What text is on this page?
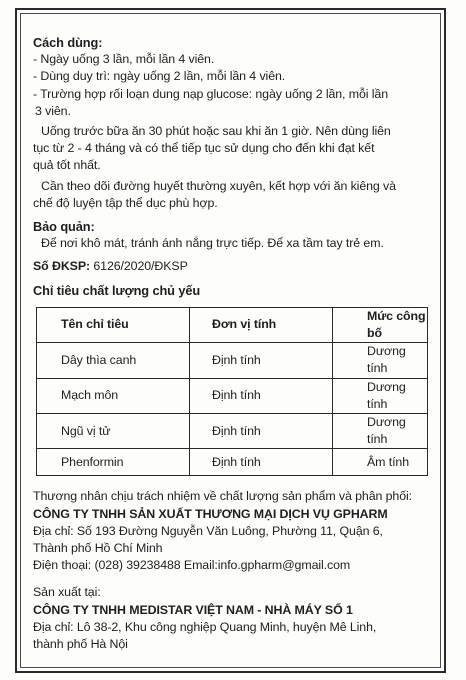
Cách dùng:

- Ngày uống 3 lần, mỗi lần 4 viên.

- Dùng duy trì: ngày uống 2 lần, mỗi lần 4 viên.

- Trường hợp rối loạn dung nạp glucose: ngày uống 2 lần, mỗi lần

3 viên.

Uống trước bữa ăn 30 phút hoặc sau khi ăn 1 giờ. Nên dùng liên

tục từ 2 - 4 tháng và có thể tiếp tục sử dụng cho đến khi đạt kết

quả tốt nhất.

Cần theo dõi đường huyết thường xuyên, kết hợp với ăn kiêng và

chế độ luyện tập thể dục phù hợp.

Bảo quản:

Để nơi khô mát, tránh ánh nắng trực tiếp. Để xa tầm tay trẻ em.

Số ĐKSP: 6126/2020/ĐKSP

Chỉ tiêu chất lượng chủ yếu

Tên chỉ tiêu	Đơn vị tính	Mức công bố
Dây thìa canh	Định tính	Dương tính
Mạch môn	Định tính	Dương tính
Ngũ vị tử	Định tính	Dương tính
Phenformin	Định tính	Âm tính

Thương nhân chịu trách nhiệm về chất lượng sản phẩm và phân phối:

CÔNG TY TNHH SẢN XUẤT THƯƠNG MẠI DỊCH VỤ GPHARM

Địa chỉ: Số 193 Đường Nguyễn Văn Luông, Phường 11, Quận 6,

Thành phố Hồ Chí Minh

Điện thoại: (028) 39238488 Email:info.gpharm@gmail.com

Sản xuất tại:

CÔNG TY TNHH MEDISTAR VIỆT NAM - NHÀ MÁY SỐ 1

Địa chỉ: Lô 38-2, Khu công nghiệp Quang Minh, huyện Mê Linh,

thành phố Hà Nội
